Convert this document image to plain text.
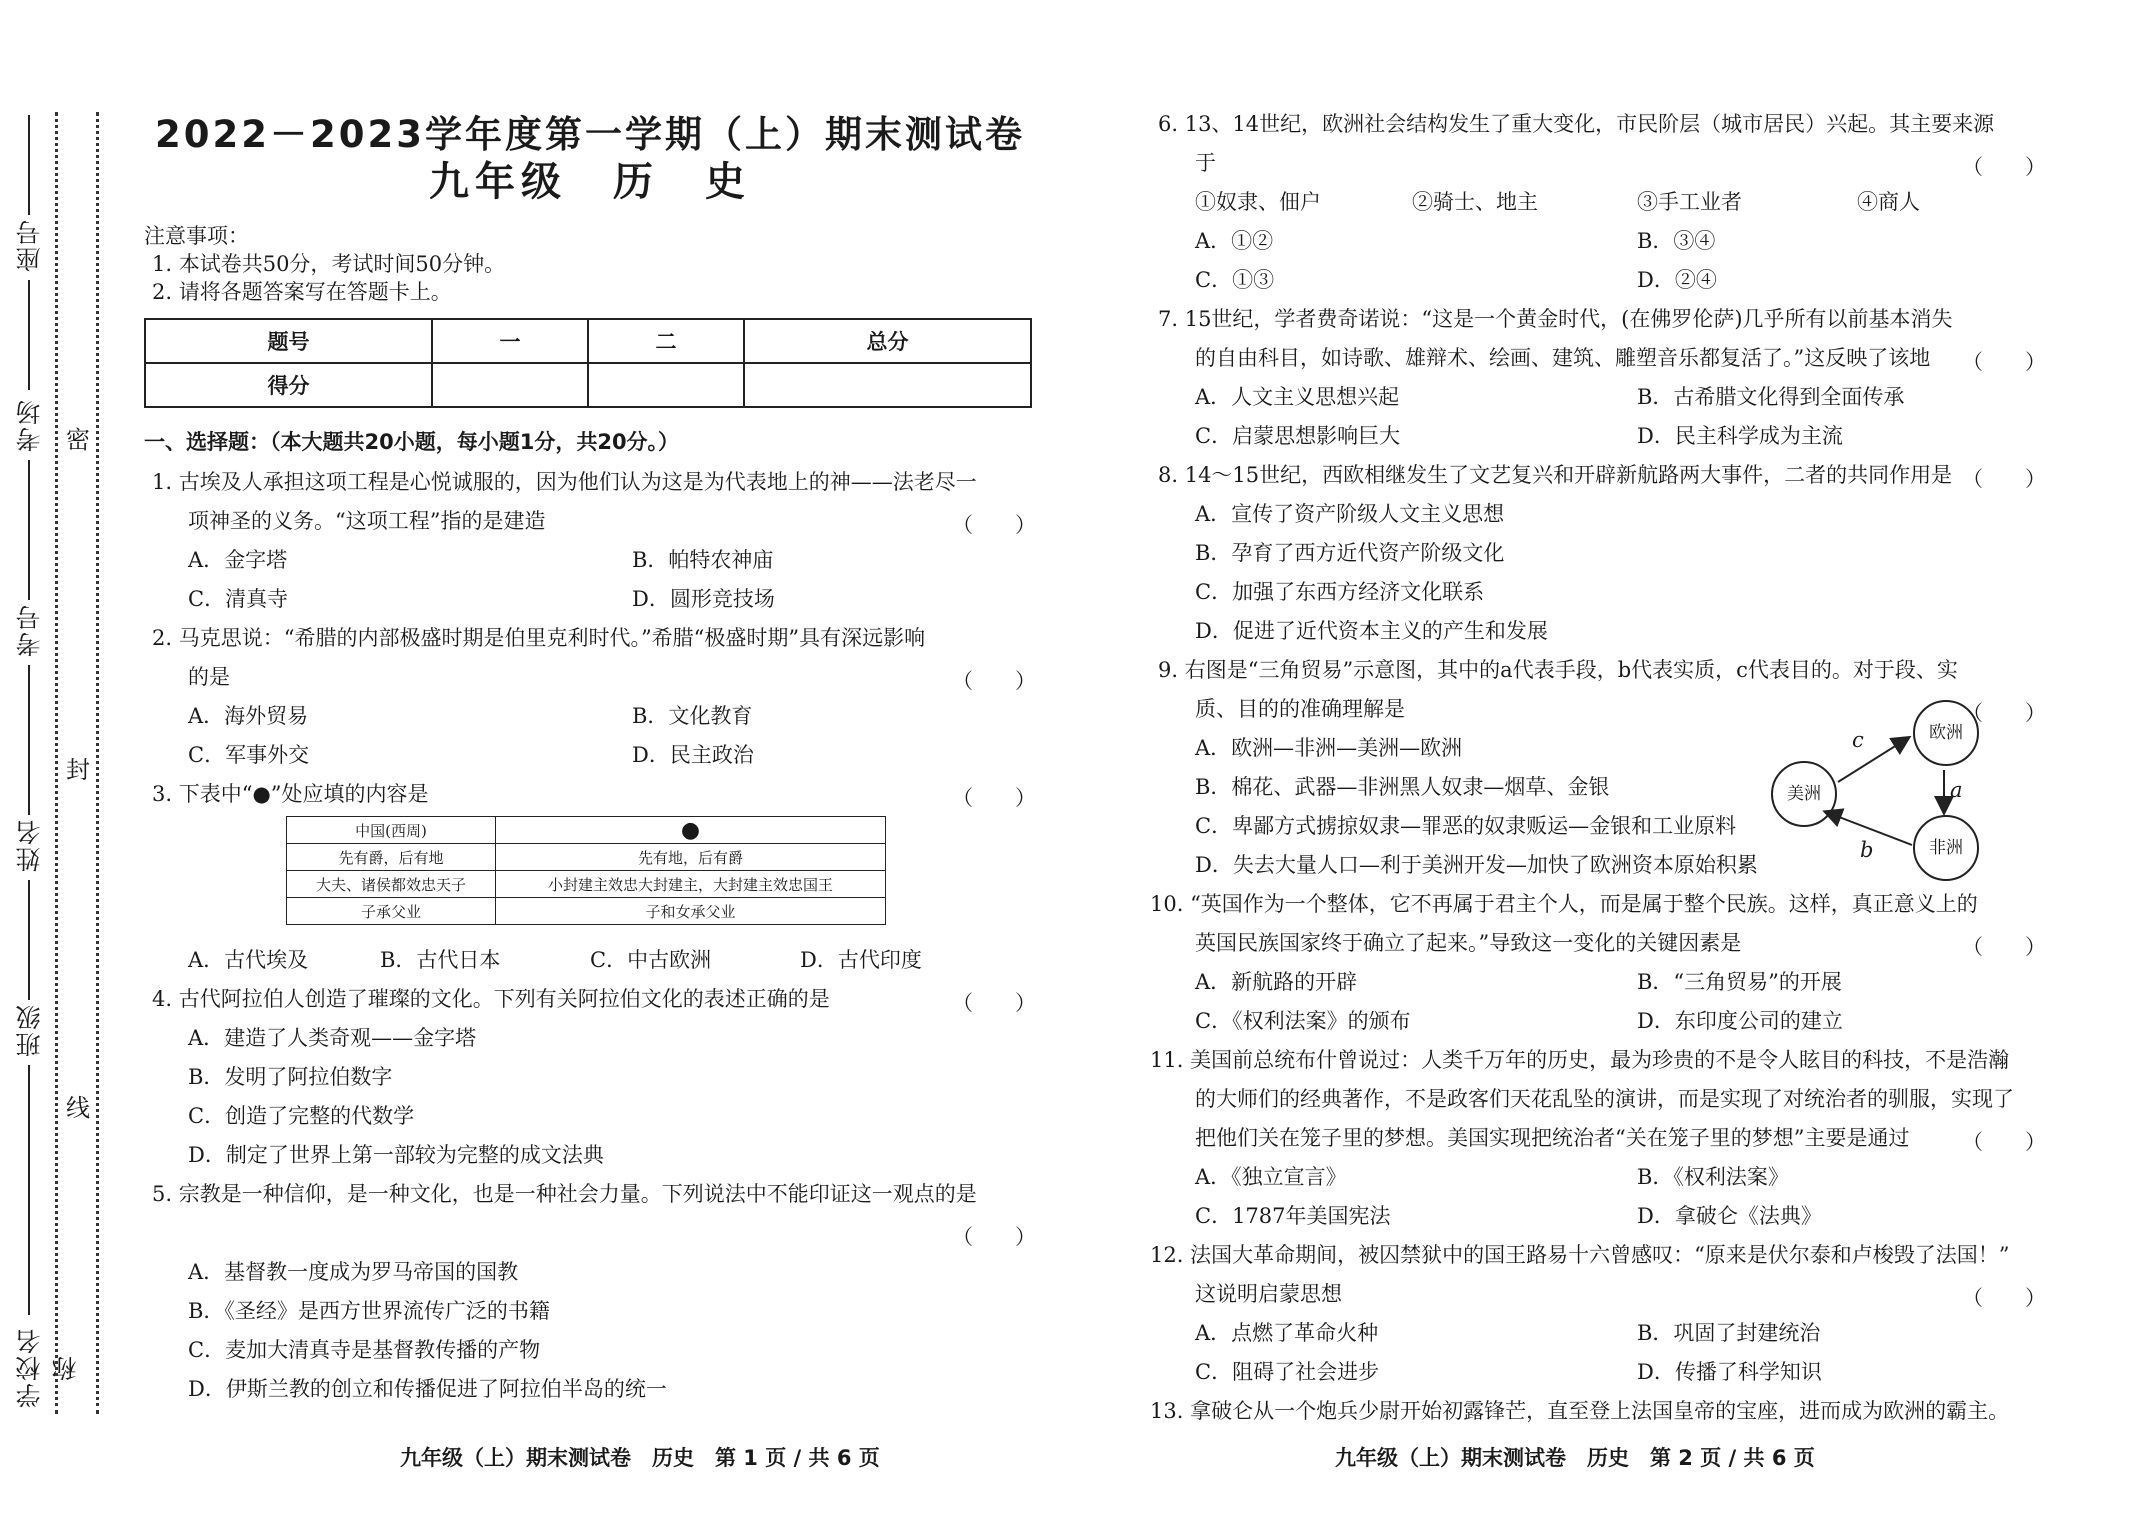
座号
考场
考号
姓名
班级
学校名称
密
封
线
2022－2023学年度第一学期（上）期末测试卷
九年级　历　史
注意事项：
1. 本试卷共50分，考试时间50分钟。
2. 请将各题答案写在答题卡上。
题号	一	二	总分
得分			
一、选择题：（本大题共20小题，每小题1分，共20分。）
1. 古埃及人承担这项工程是心悦诚服的，因为他们认为这是为代表地上的神——法老尽一
项神圣的义务。“这项工程”指的是建造	（　　）
A．金字塔	B．帕特农神庙
C．清真寺	D．圆形竞技场
2. 马克思说：“希腊的内部极盛时期是伯里克利时代。”希腊“极盛时期”具有深远影响
的是	（　　）
A．海外贸易	B．文化教育
C．军事外交	D．民主政治
3. 下表中“●”处应填的内容是	（　　）
中国(西周)	●
先有爵，后有地	先有地，后有爵
大夫、诸侯都效忠天子	小封建主效忠大封建主，大封建主效忠国王
子承父业	子和女承父业
A．古代埃及	B．古代日本	C．中古欧洲	D．古代印度
4. 古代阿拉伯人创造了璀璨的文化。下列有关阿拉伯文化的表述正确的是	（　　）
A．建造了人类奇观——金字塔
B．发明了阿拉伯数字
C．创造了完整的代数学
D．制定了世界上第一部较为完整的成文法典
5. 宗教是一种信仰，是一种文化，也是一种社会力量。下列说法中不能印证这一观点的是
（　　）
A．基督教一度成为罗马帝国的国教
B．《圣经》是西方世界流传广泛的书籍
C．麦加大清真寺是基督教传播的产物
D．伊斯兰教的创立和传播促进了阿拉伯半岛的统一
九年级（上）期末测试卷　历史　第 1 页 / 共 6 页
6. 13、14世纪，欧洲社会结构发生了重大变化，市民阶层（城市居民）兴起。其主要来源
于	（　　）
①奴隶、佃户	②骑士、地主	③手工业者	④商人
A．①②	B．③④
C．①③	D．②④
7. 15世纪，学者费奇诺说：“这是一个黄金时代，(在佛罗伦萨)几乎所有以前基本消失
的自由科目，如诗歌、雄辩术、绘画、建筑、雕塑音乐都复活了。”这反映了该地 （　　）
A．人文主义思想兴起	B．古希腊文化得到全面传承
C．启蒙思想影响巨大	D．民主科学成为主流
8. 14～15世纪，西欧相继发生了文艺复兴和开辟新航路两大事件，二者的共同作用是 （　　）
A．宣传了资产阶级人文主义思想
B．孕育了西方近代资产阶级文化
C．加强了东西方经济文化联系
D．促进了近代资本主义的产生和发展
9. 右图是“三角贸易”示意图，其中的a代表手段，b代表实质，c代表目的。对于段、实
质、目的的准确理解是	（　　）
A．欧洲—非洲—美洲—欧洲
B．棉花、武器—非洲黑人奴隶—烟草、金银
C．卑鄙方式掳掠奴隶—罪恶的奴隶贩运—金银和工业原料
D．失去大量人口—利于美洲开发—加快了欧洲资本原始积累
欧洲
美洲
非洲
c
a
b
10. “英国作为一个整体，它不再属于君主个人，而是属于整个民族。这样，真正意义上的
英国民族国家终于确立了起来。”导致这一变化的关键因素是	（　　）
A．新航路的开辟	B．“三角贸易”的开展
C．《权利法案》的颁布	D．东印度公司的建立
11. 美国前总统布什曾说过：人类千万年的历史，最为珍贵的不是令人眩目的科技，不是浩瀚
的大师们的经典著作，不是政客们天花乱坠的演讲，而是实现了对统治者的驯服，实现了
把他们关在笼子里的梦想。美国实现把统治者“关在笼子里的梦想”主要是通过	（　　）
A．《独立宣言》	B．《权利法案》
C．1787年美国宪法	D．拿破仑《法典》
12. 法国大革命期间，被囚禁狱中的国王路易十六曾感叹：“原来是伏尔泰和卢梭毁了法国！”
这说明启蒙思想	（　　）
A．点燃了革命火种	B．巩固了封建统治
C．阻碍了社会进步	D．传播了科学知识
13. 拿破仑从一个炮兵少尉开始初露锋芒，直至登上法国皇帝的宝座，进而成为欧洲的霸主。
九年级（上）期末测试卷　历史　第 2 页 / 共 6 页
